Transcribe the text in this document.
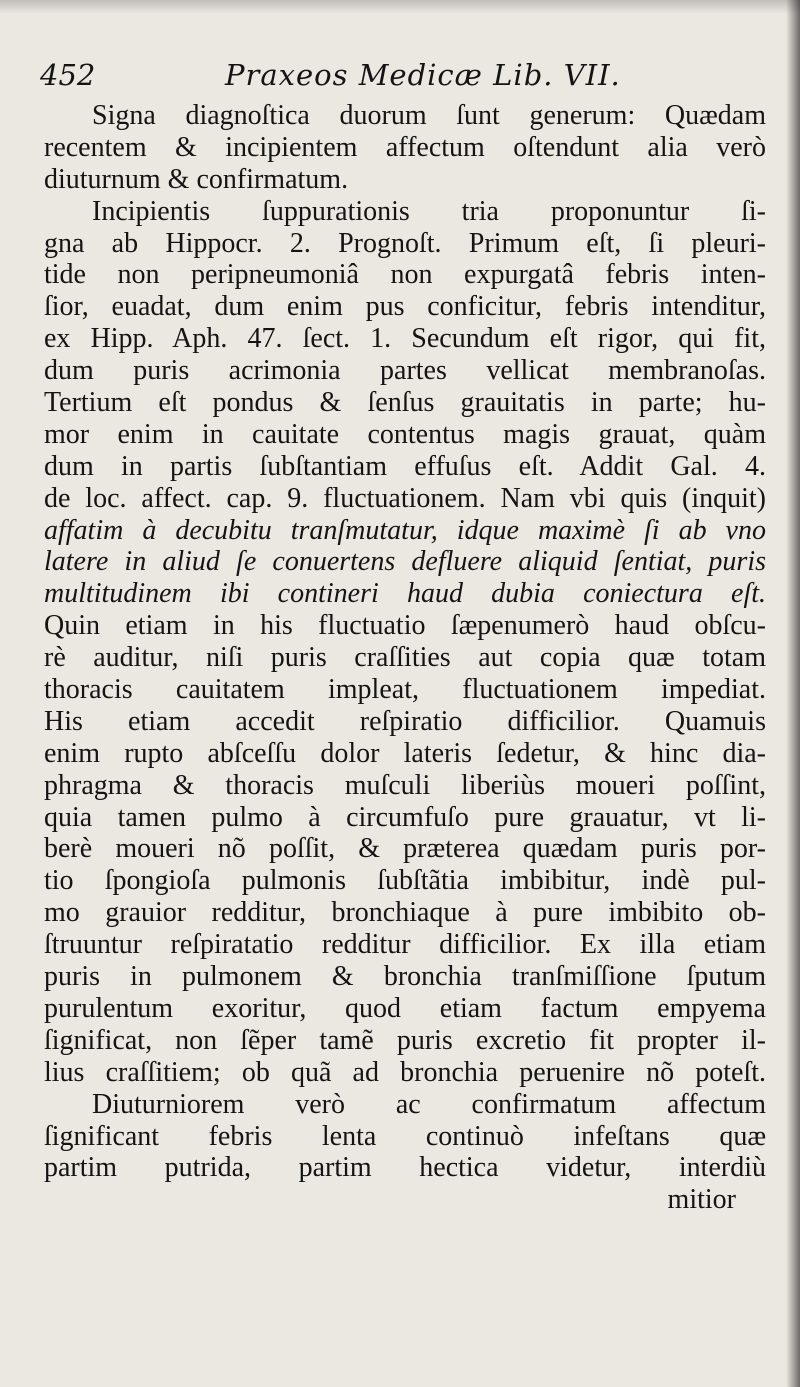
452	Praxeos Medicæ Lib. VII.
Signa diagnoſtica duorum ſunt generum: Quædam
recentem & incipientem affectum oſtendunt alia verò
diuturnum & confirmatum.
Incipientis ſuppurationis tria proponuntur ſi-
gna ab Hippocr. 2. Prognoſt. Primum eſt, ſi pleuri-
tide non peripneumoniâ non expurgatâ febris inten-
ſior, euadat, dum enim pus conficitur, febris intenditur,
ex Hipp. Aph. 47. ſect. 1. Secundum eſt rigor, qui fit,
dum puris acrimonia partes vellicat membranoſas.
Tertium eſt pondus & ſenſus grauitatis in parte; hu-
mor enim in cauitate contentus magis grauat, quàm
dum in partis ſubſtantiam effuſus eſt. Addit Gal. 4.
de loc. affect. cap. 9. fluctuationem. Nam vbi quis (inquit)
affatim à decubitu tranſmutatur, idque maximè ſi ab vno
latere in aliud ſe conuertens defluere aliquid ſentiat, puris
multitudinem ibi contineri haud dubia coniectura eſt.
Quin etiam in his fluctuatio ſæpenumerò haud obſcu-
rè auditur, niſi puris craſſities aut copia quæ totam
thoracis cauitatem impleat, fluctuationem impediat.
His etiam accedit reſpiratio difficilior. Quamuis
enim rupto abſceſſu dolor lateris ſedetur, & hinc dia-
phragma & thoracis muſculi liberiùs moueri poſſint,
quia tamen pulmo à circumfuſo pure grauatur, vt li-
berè moueri nõ poſſit, & præterea quædam puris por-
tio ſpongioſa pulmonis ſubſtãtia imbibitur, indè pul-
mo grauior redditur, bronchiaque à pure imbibito ob-
ſtruuntur reſpiratatio redditur difficilior. Ex illa etiam
puris in pulmonem & bronchia tranſmiſſione ſputum
purulentum exoritur, quod etiam factum empyema
ſignificat, non ſẽper tamẽ puris excretio fit propter il-
lius craſſitiem; ob quã ad bronchia peruenire nõ poteſt.
Diuturniorem verò ac confirmatum affectum
ſignificant febris lenta continuò infeſtans quæ
partim putrida, partim hectica videtur, interdiù
mitior
